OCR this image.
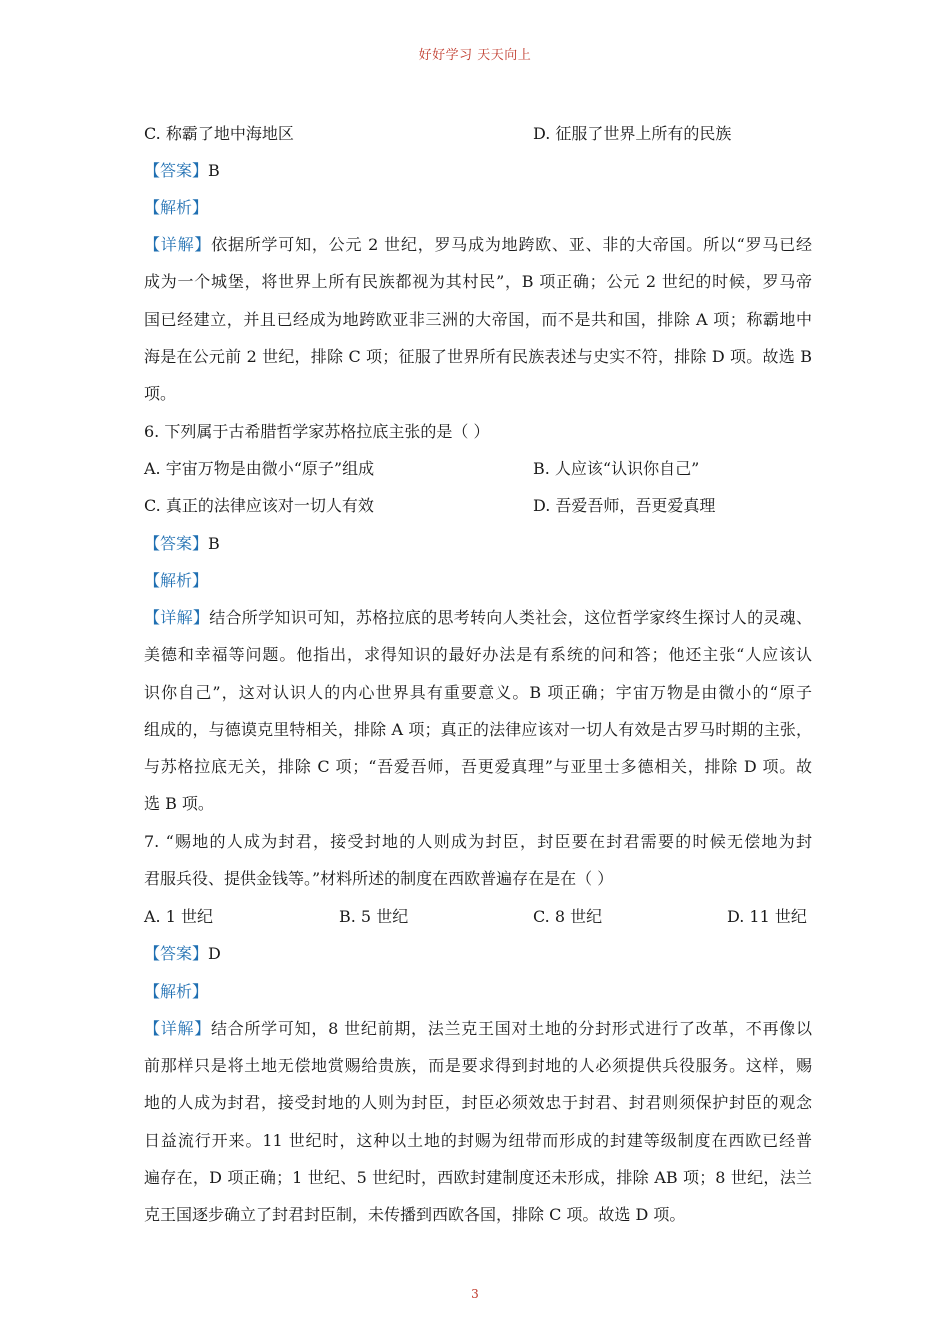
好好学习 天天向上
C. 称霸了地中海地区	D. 征服了世界上所有的民族
【答案】B
【解析】
【详解】依据所学可知，公元 2 世纪，罗马成为地跨欧、亚、非的大帝国。所以“罗马已经
成为一个城堡，将世界上所有民族都视为其村民”，B 项正确；公元 2 世纪的时候，罗马帝
国已经建立，并且已经成为地跨欧亚非三洲的大帝国，而不是共和国，排除 A 项；称霸地中
海是在公元前 2 世纪，排除 C 项；征服了世界所有民族表述与史实不符，排除 D 项。故选 B
项。
6. 下列属于古希腊哲学家苏格拉底主张的是（ ）
A. 宇宙万物是由微小“原子”组成	B. 人应该“认识你自己”
C. 真正的法律应该对一切人有效	D. 吾爱吾师，吾更爱真理
【答案】B
【解析】
【详解】结合所学知识可知，苏格拉底的思考转向人类社会，这位哲学家终生探讨人的灵魂、
美德和幸福等问题。他指出，求得知识的最好办法是有系统的问和答；他还主张“人应该认
识你自己”，这对认识人的内心世界具有重要意义。B 项正确；宇宙万物是由微小的“原子
组成的，与德谟克里特相关，排除 A 项；真正的法律应该对一切人有效是古罗马时期的主张，
与苏格拉底无关，排除 C 项；“吾爱吾师，吾更爱真理”与亚里士多德相关，排除 D 项。故
选 B 项。
7. “赐地的人成为封君，接受封地的人则成为封臣，封臣要在封君需要的时候无偿地为封
君服兵役、提供金钱等。”材料所述的制度在西欧普遍存在是在（ ）
A. 1 世纪	B. 5 世纪	C. 8 世纪	D. 11 世纪
【答案】D
【解析】
【详解】结合所学可知，8 世纪前期，法兰克王国对土地的分封形式进行了改革，不再像以
前那样只是将土地无偿地赏赐给贵族，而是要求得到封地的人必须提供兵役服务。这样，赐
地的人成为封君，接受封地的人则为封臣，封臣必须效忠于封君、封君则须保护封臣的观念
日益流行开来。11 世纪时，这种以土地的封赐为纽带而形成的封建等级制度在西欧已经普
遍存在，D 项正确；1 世纪、5 世纪时，西欧封建制度还未形成，排除 AB 项；8 世纪，法兰
克王国逐步确立了封君封臣制，未传播到西欧各国，排除 C 项。故选 D 项。
3
